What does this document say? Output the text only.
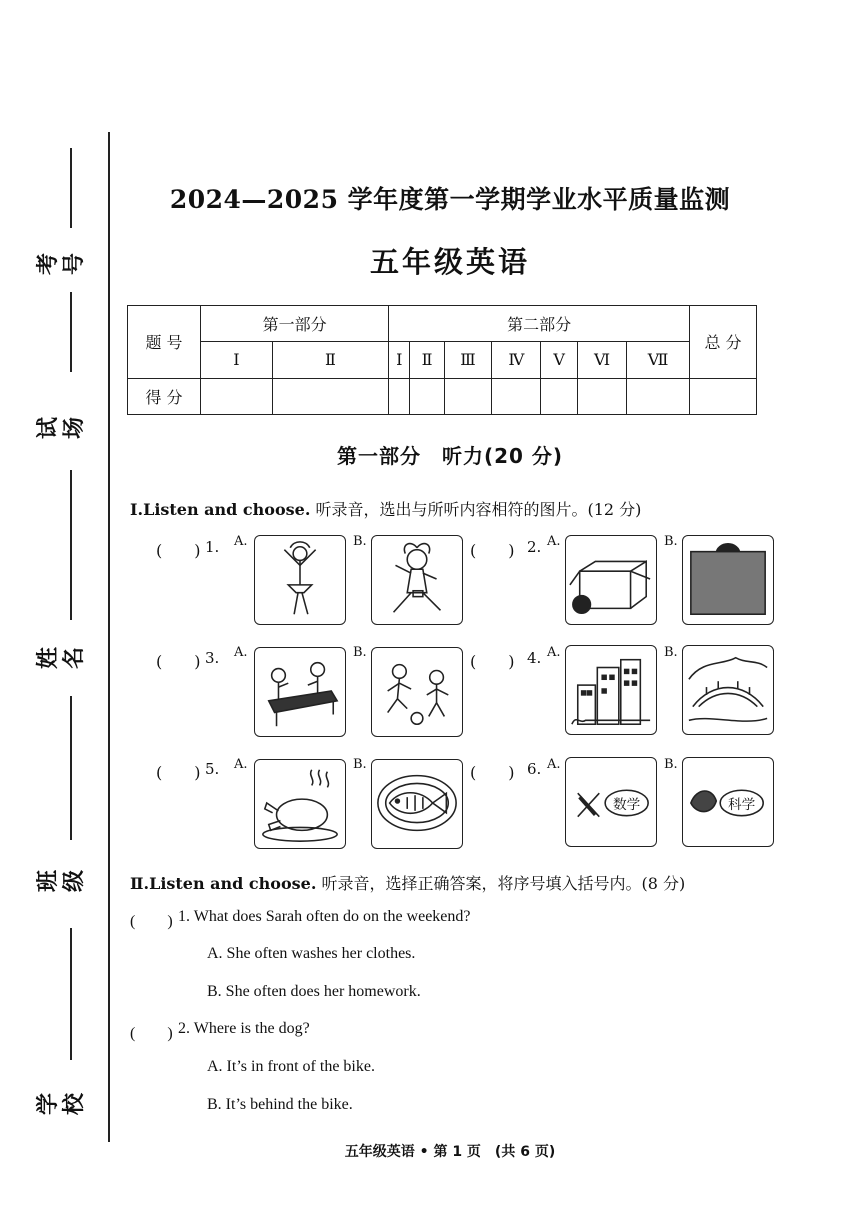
考号
试场
姓名
班级
学校
2024—2025 学年度第一学期学业水平质量监测
五年级英语
题 号	第一部分		第二部分							总 分
	Ⅰ	Ⅱ	Ⅰ	Ⅱ	Ⅲ	Ⅳ	Ⅴ	Ⅵ	Ⅶ	
得 分										
第一部分　听力(20 分)
Ⅰ.Listen and choose. 听录音，选出与所听内容相符的图片。(12 分)
(　　) 1. A.	B.	(　　) 2. A.	B.
(　　) 3. A.	B.	(　　) 4. A.	B.
(　　) 5. A.	B.	(　　) 6. A.
数学
B.
科学
Ⅱ.Listen and choose. 听录音，选择正确答案，将序号填入括号内。(8 分)
(　　) 1. What does Sarah often do on the weekend?
A. She often washes her clothes.
B. She often does her homework.
(　　) 2. Where is the dog?
A. It’s in front of the bike.
B. It’s behind the bike.
五年级英语 • 第 1 页　(共 6 页)
